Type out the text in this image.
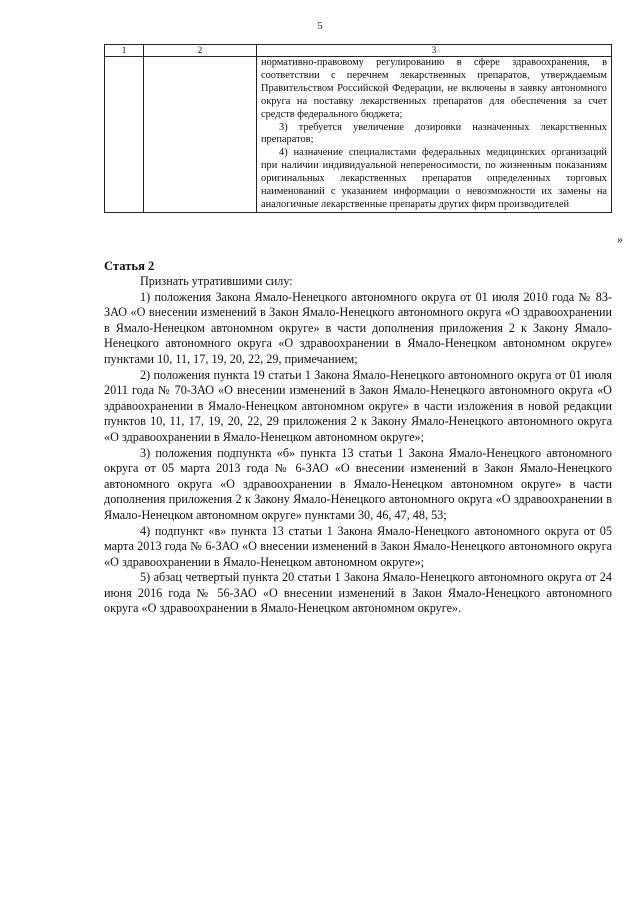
5
1	2	3

		нормативно-правовому регулированию в сфере здравоохранения, в соответствии с перечнем лекарственных препаратов, утверждаемым Правительством Российской Федерации, не включены в заявку автономного округа на поставку лекарственных препаратов для обеспечения за счет средств федерального бюджета;

3) требуется увеличение дозировки назначенных лекарственных препаратов;

4) назначение специалистами федеральных медицинских организаций при наличии индивидуальной непереносимости, по жизненным показаниям оригинальных лекарственных препаратов определенных торговых наименований с указанием информации о невозможности их замены на аналогичные лекарственные препараты других фирм производителей

»
Статья 2

Признать утратившими силу:

1) положения Закона Ямало-Ненецкого автономного округа от 01 июля 2010 года № 83-ЗАО «О внесении изменений в Закон Ямало-Ненецкого автономного округа «О здравоохранении в Ямало-Ненецком автономном округе» в части дополнения приложения 2 к Закону Ямало-Ненецкого автономного округа «О здравоохранении в Ямало-Ненецком автономном округе» пунктами 10, 11, 17, 19, 20, 22, 29, примечанием;

2) положения пункта 19 статьи 1 Закона Ямало-Ненецкого автономного округа от 01 июля 2011 года № 70-ЗАО «О внесении изменений в Закон Ямало-Ненецкого автономного округа «О здравоохранении в Ямало-Ненецком автономном округе» в части изложения в новой редакции пунктов 10, 11, 17, 19, 20, 22, 29 приложения 2 к Закону Ямало-Ненецкого автономного округа «О здравоохранении в Ямало-Ненецком автономном округе»;

3) положения подпункта «б» пункта 13 статьи 1 Закона Ямало-Ненецкого автономного округа от 05 марта 2013 года № 6-ЗАО «О внесении изменений в Закон Ямало-Ненецкого автономного округа «О здравоохранении в Ямало-Ненецком автономном округе» в части дополнения приложения 2 к Закону Ямало-Ненецкого автономного округа «О здравоохранении в Ямало-Ненецком автономном округе» пунктами 30, 46, 47, 48, 53;

4) подпункт «в» пункта 13 статьи 1 Закона Ямало-Ненецкого автономного округа от 05 марта 2013 года № 6-ЗАО «О внесении изменений в Закон Ямало-Ненецкого автономного округа «О здравоохранении в Ямало-Ненецком автономном округе»;

5) абзац четвертый пункта 20 статьи 1 Закона Ямало-Ненецкого автономного округа от 24 июня 2016 года № 56-ЗАО «О внесении изменений в Закон Ямало-Ненецкого автономного округа «О здравоохранении в Ямало-Ненецком автономном округе».
